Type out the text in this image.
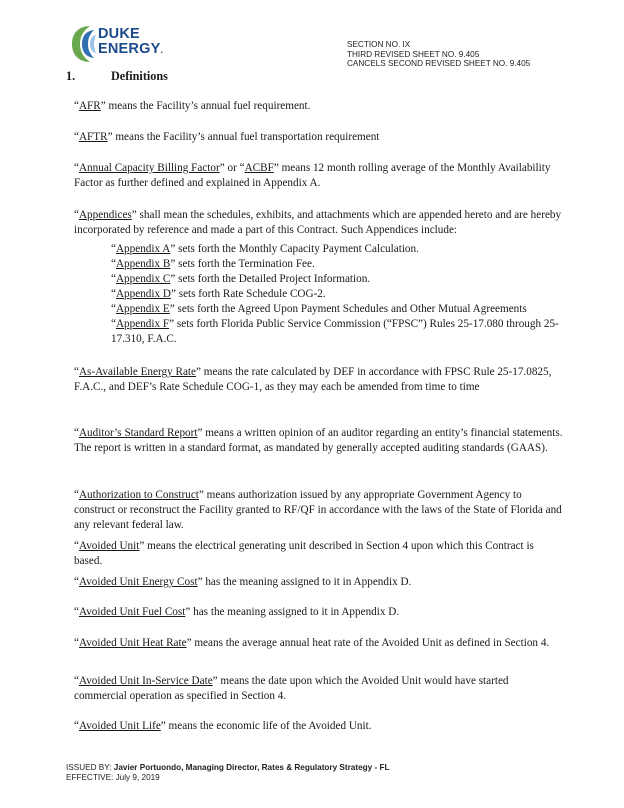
DUKE
ENERGY.
SECTION NO. IX
THIRD REVISED SHEET NO. 9.405
CANCELS SECOND REVISED SHEET NO. 9.405
1.	Definitions

“AFR” means the Facility’s annual fuel requirement.

“AFTR” means the Facility’s annual fuel transportation requirement

“Annual Capacity Billing Factor” or “ACBF” means 12 month rolling average of the Monthly Availability Factor as further defined and explained in Appendix A.

“Appendices” shall mean the schedules, exhibits, and attachments which are appended hereto and are hereby incorporated by reference and made a part of this Contract. Such Appendices include:

“Appendix A” sets forth the Monthly Capacity Payment Calculation.
“Appendix B” sets forth the Termination Fee.
“Appendix C” sets forth the Detailed Project Information.
“Appendix D” sets forth Rate Schedule COG-2.
“Appendix E” sets forth the Agreed Upon Payment Schedules and Other Mutual Agreements
“Appendix F” sets forth Florida Public Service Commission (“FPSC”) Rules 25-17.080 through 25-17.310, F.A.C.

“As-Available Energy Rate” means the rate calculated by DEF in accordance with FPSC Rule 25-17.0825, F.A.C., and DEF’s Rate Schedule COG-1, as they may each be amended from time to time

“Auditor’s Standard Report” means a written opinion of an auditor regarding an entity’s financial statements. The report is written in a standard format, as mandated by generally accepted auditing standards (GAAS).

“Authorization to Construct” means authorization issued by any appropriate Government Agency to construct or reconstruct the Facility granted to RF/QF in accordance with the laws of the State of Florida and any relevant federal law.

“Avoided Unit” means the electrical generating unit described in Section 4 upon which this Contract is based.

“Avoided Unit Energy Cost” has the meaning assigned to it in Appendix D.

“Avoided Unit Fuel Cost” has the meaning assigned to it in Appendix D.

“Avoided Unit Heat Rate” means the average annual heat rate of the Avoided Unit as defined in Section 4.

“Avoided Unit In-Service Date” means the date upon which the Avoided Unit would have started commercial operation as specified in Section 4.

“Avoided Unit Life” means the economic life of the Avoided Unit.

ISSUED BY: Javier Portuondo, Managing Director, Rates & Regulatory Strategy - FL
EFFECTIVE: July 9, 2019
